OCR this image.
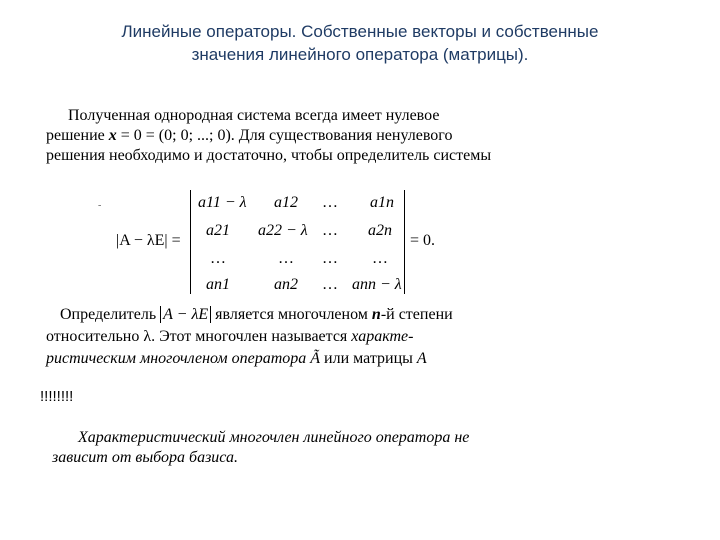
Линейные операторы. Собственные векторы и собственные
значения линейного оператора (матрицы).
Полученная однородная система всегда имеет нулевое
решение x = 0 = (0; 0; ...; 0). Для существования ненулевого
решения необходимо и достаточно, чтобы определитель системы
-
|A − λE| =
a11 − λ a12 … a1n
a21 a22 − λ … a2n
…	… … …
an1	an2 … ann − λ
= 0.
Определитель A − λE является многочленом n-й степени
относительно λ. Этот многочлен называется характе-
ристическим многочленом оператора Ã или матрицы A
!!!!!!!!
Характеристический многочлен линейного оператора не
зависит от выбора базиса.
